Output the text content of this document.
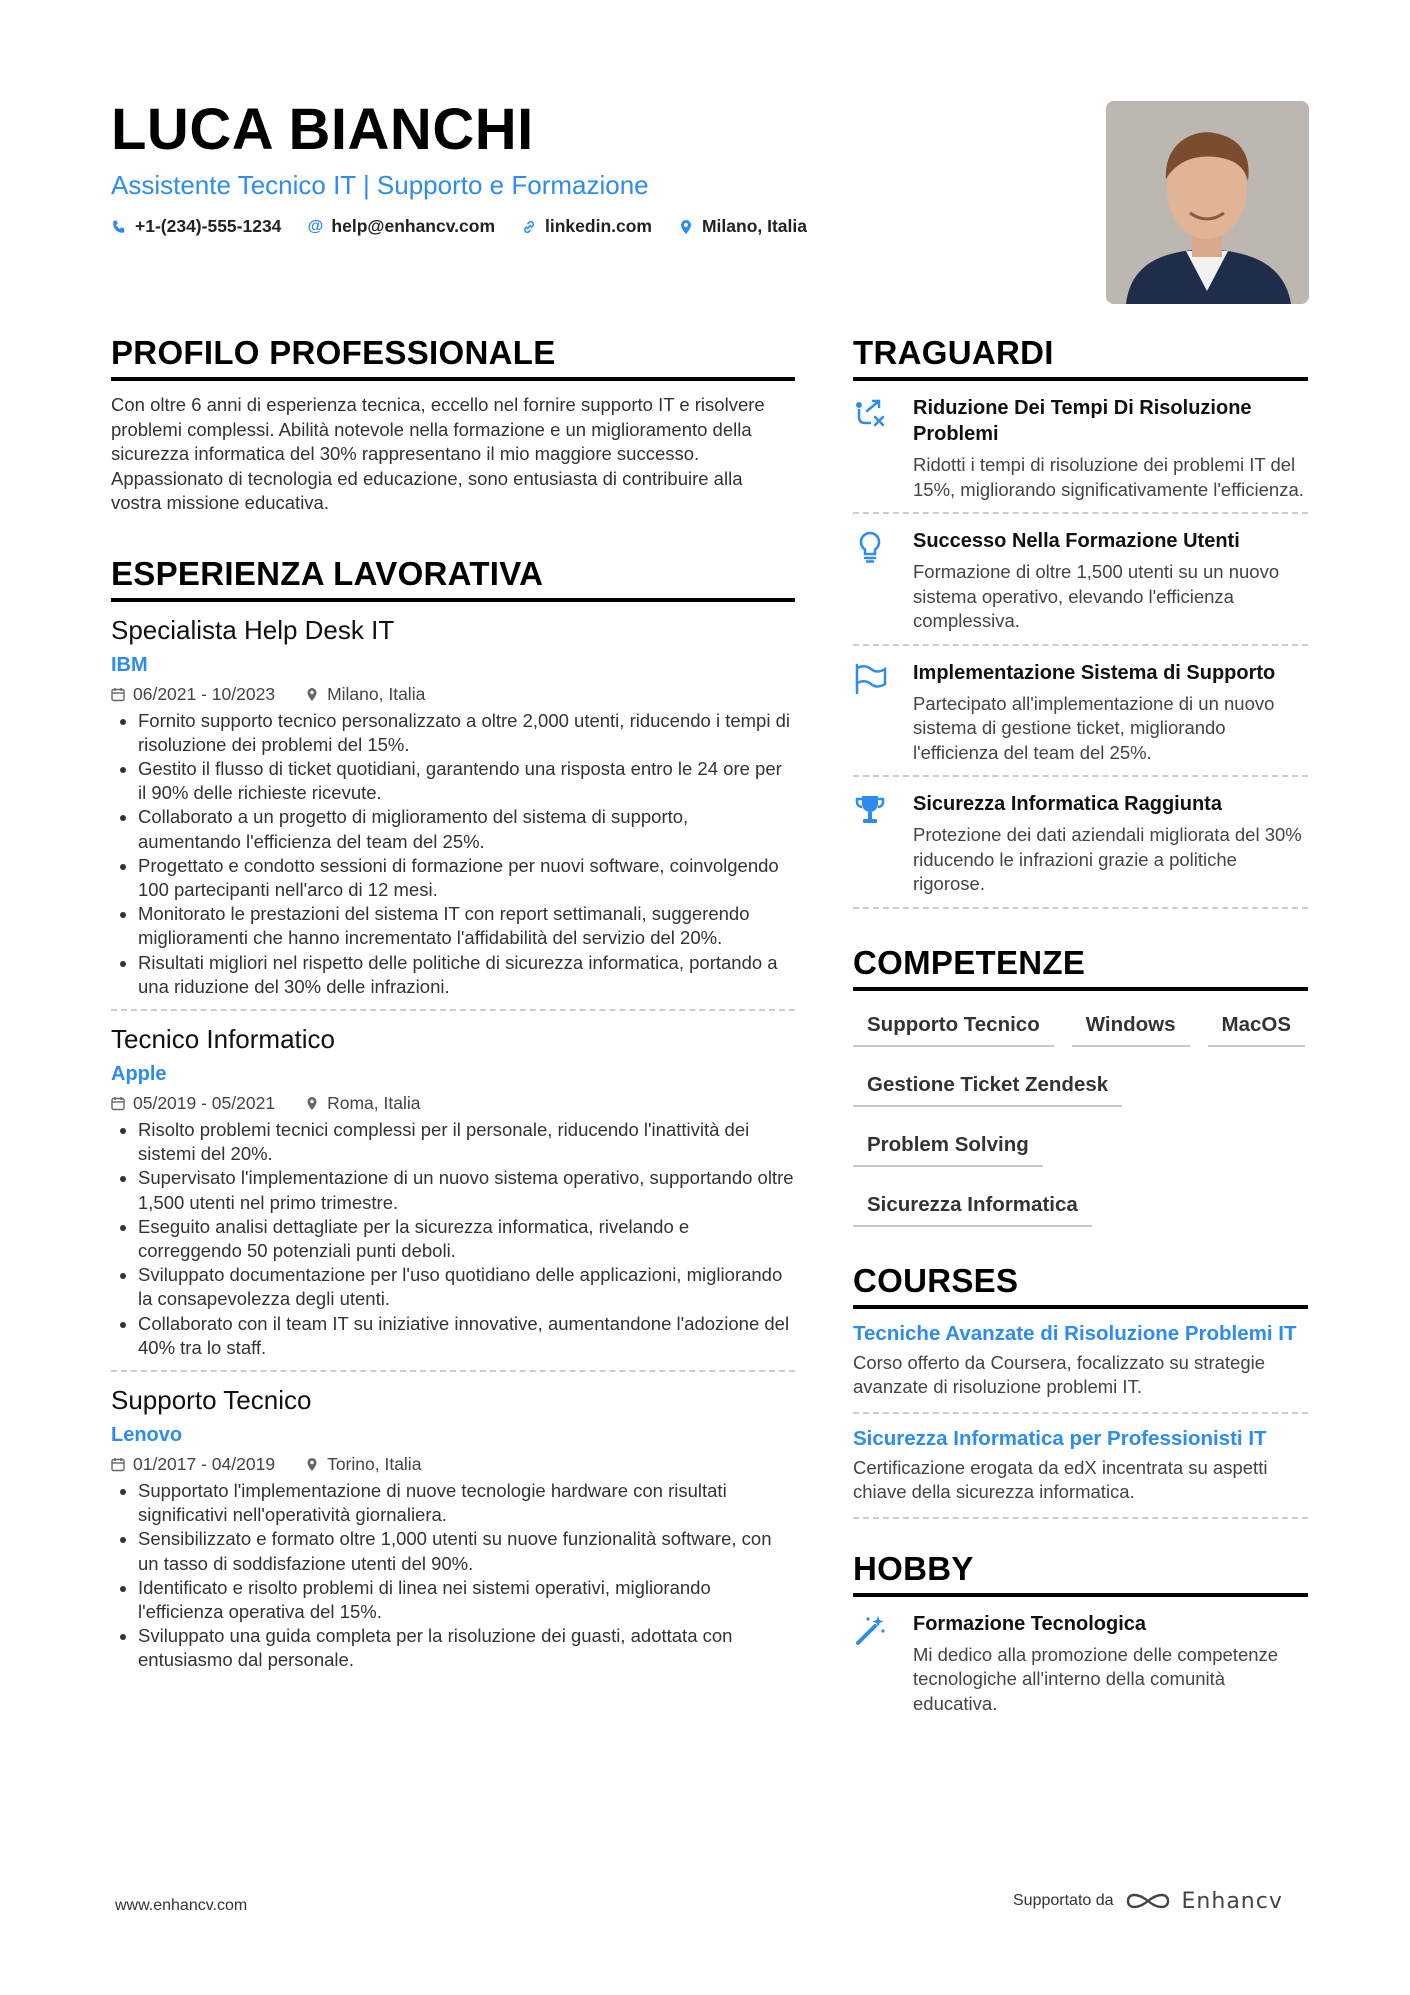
LUCA BIANCHI
Assistente Tecnico IT | Supporto e Formazione
+1-(234)-555-1234 @ help@enhancv.com	linkedin.com	Milano, Italia
PROFILO PROFESSIONALE
Con oltre 6 anni di esperienza tecnica, eccello nel fornire supporto IT e risolvere problemi complessi. Abilità notevole nella formazione e un miglioramento della sicurezza informatica del 30% rappresentano il mio maggiore successo. Appassionato di tecnologia ed educazione, sono entusiasta di contribuire alla vostra missione educativa.
ESPERIENZA LAVORATIVA
Specialista Help Desk IT
IBM
06/2021 - 10/2023	Milano, Italia
• Fornito supporto tecnico personalizzato a oltre 2,000 utenti, riducendo i tempi di risoluzione dei problemi del 15%.
• Gestito il flusso di ticket quotidiani, garantendo una risposta entro le 24 ore per il 90% delle richieste ricevute.
• Collaborato a un progetto di miglioramento del sistema di supporto, aumentando l'efficienza del team del 25%.
• Progettato e condotto sessioni di formazione per nuovi software, coinvolgendo 100 partecipanti nell'arco di 12 mesi.
• Monitorato le prestazioni del sistema IT con report settimanali, suggerendo miglioramenti che hanno incrementato l'affidabilità del servizio del 20%.
• Risultati migliori nel rispetto delle politiche di sicurezza informatica, portando a una riduzione del 30% delle infrazioni.
Tecnico Informatico
Apple
05/2019 - 05/2021	Roma, Italia
• Risolto problemi tecnici complessi per il personale, riducendo l'inattività dei sistemi del 20%.
• Supervisato l'implementazione di un nuovo sistema operativo, supportando oltre 1,500 utenti nel primo trimestre.
• Eseguito analisi dettagliate per la sicurezza informatica, rivelando e correggendo 50 potenziali punti deboli.
• Sviluppato documentazione per l'uso quotidiano delle applicazioni, migliorando la consapevolezza degli utenti.
• Collaborato con il team IT su iniziative innovative, aumentandone l'adozione del 40% tra lo staff.
Supporto Tecnico
Lenovo
01/2017 - 04/2019	Torino, Italia
• Supportato l'implementazione di nuove tecnologie hardware con risultati significativi nell'operatività giornaliera.
• Sensibilizzato e formato oltre 1,000 utenti su nuove funzionalità software, con un tasso di soddisfazione utenti del 90%.
• Identificato e risolto problemi di linea nei sistemi operativi, migliorando l'efficienza operativa del 15%.
• Sviluppato una guida completa per la risoluzione dei guasti, adottata con entusiasmo dal personale.
TRAGUARDI
Riduzione Dei Tempi Di Risoluzione Problemi
Ridotti i tempi di risoluzione dei problemi IT del 15%, migliorando significativamente l'efficienza.
Successo Nella Formazione Utenti
Formazione di oltre 1,500 utenti su un nuovo sistema operativo, elevando l'efficienza complessiva.
Implementazione Sistema di Supporto
Partecipato all'implementazione di un nuovo sistema di gestione ticket, migliorando l'efficienza del team del 25%.
Sicurezza Informatica Raggiunta
Protezione dei dati aziendali migliorata del 30% riducendo le infrazioni grazie a politiche rigorose.
COMPETENZE
Supporto Tecnico	Windows	MacOS
Gestione Ticket Zendesk
Problem Solving
Sicurezza Informatica
COURSES
Tecniche Avanzate di Risoluzione Problemi IT
Corso offerto da Coursera, focalizzato su strategie avanzate di risoluzione problemi IT.
Sicurezza Informatica per Professionisti IT
Certificazione erogata da edX incentrata su aspetti chiave della sicurezza informatica.
HOBBY
Formazione Tecnologica
Mi dedico alla promozione delle competenze tecnologiche all'interno della comunità educativa.
www.enhancv.com	Supportato da	Enhancv
